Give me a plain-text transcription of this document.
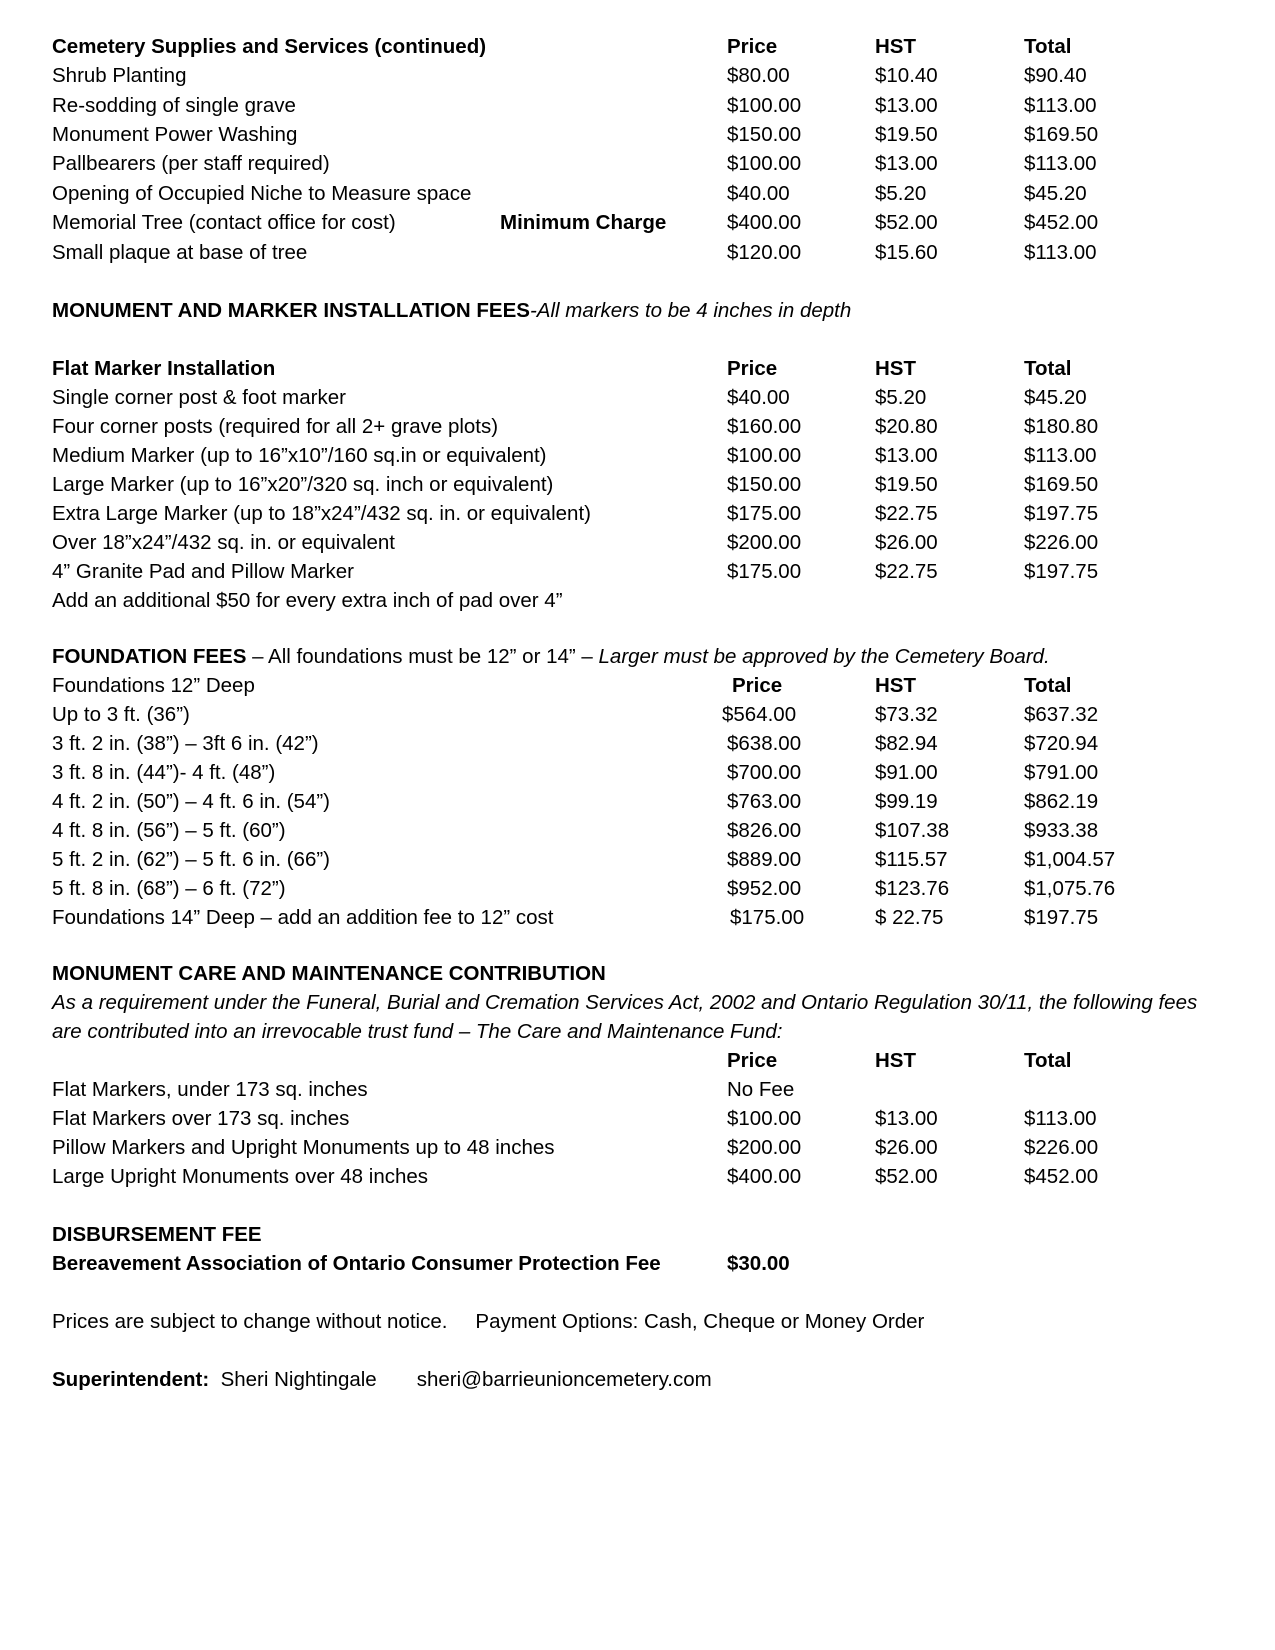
Cemetery Supplies and Services (continued)	Price	HST	Total
Shrub Planting	$80.00	$10.40	$90.40
Re-sodding of single grave	$100.00	$13.00	$113.00
Monument Power Washing	$150.00	$19.50	$169.50
Pallbearers (per staff required)	$100.00	$13.00	$113.00
Opening of Occupied Niche to Measure space	$40.00	$5.20	$45.20
Memorial Tree (contact office for cost)	Minimum Charge	$400.00	$52.00	$452.00
Small plaque at base of tree	$120.00	$15.60	$113.00
MONUMENT AND MARKER INSTALLATION FEES-All markers to be 4 inches in depth
Flat Marker Installation	Price	HST	Total
Single corner post & foot marker	$40.00	$5.20	$45.20
Four corner posts (required for all 2+ grave plots)	$160.00	$20.80	$180.80
Medium Marker (up to 16”x10”/160 sq.in or equivalent)	$100.00	$13.00	$113.00
Large Marker (up to 16”x20”/320 sq. inch or equivalent)	$150.00	$19.50	$169.50
Extra Large Marker (up to 18”x24”/432 sq. in. or equivalent)	$175.00	$22.75	$197.75
Over 18”x24”/432 sq. in. or equivalent	$200.00	$26.00	$226.00
4” Granite Pad and Pillow Marker	$175.00	$22.75	$197.75
Add an additional $50 for every extra inch of pad over 4”
FOUNDATION FEES – All foundations must be 12” or 14” – Larger must be approved by the Cemetery Board.
Foundations 12” Deep	Price	HST	Total
Up to 3 ft. (36”)	$564.00	$73.32	$637.32
3 ft. 2 in. (38”) – 3ft 6 in. (42”)	$638.00	$82.94	$720.94
3 ft. 8 in. (44”)- 4 ft. (48”)	$700.00	$91.00	$791.00
4 ft. 2 in. (50”) – 4 ft. 6 in. (54”)	$763.00	$99.19	$862.19
4 ft. 8 in. (56”) – 5 ft. (60”)	$826.00	$107.38	$933.38
5 ft. 2 in. (62”) – 5 ft. 6 in. (66”)	$889.00	$115.57	$1,004.57
5 ft. 8 in. (68”) – 6 ft. (72”)	$952.00	$123.76	$1,075.76
Foundations 14” Deep – add an addition fee to 12” cost	$175.00	$ 22.75	$197.75
MONUMENT CARE AND MAINTENANCE CONTRIBUTION
As a requirement under the Funeral, Burial and Cremation Services Act, 2002 and Ontario Regulation 30/11, the following fees
are contributed into an irrevocable trust fund – The Care and Maintenance Fund:
Price	HST	Total
Flat Markers, under 173 sq. inches	No Fee
Flat Markers over 173 sq. inches	$100.00	$13.00	$113.00
Pillow Markers and Upright Monuments up to 48 inches	$200.00	$26.00	$226.00
Large Upright Monuments over 48 inches	$400.00	$52.00	$452.00
DISBURSEMENT FEE
Bereavement Association of Ontario Consumer Protection Fee	$30.00
Prices are subject to change without notice. Payment Options: Cash, Cheque or Money Order
Superintendent: Sheri Nightingale sheri@barrieunioncemetery.com
